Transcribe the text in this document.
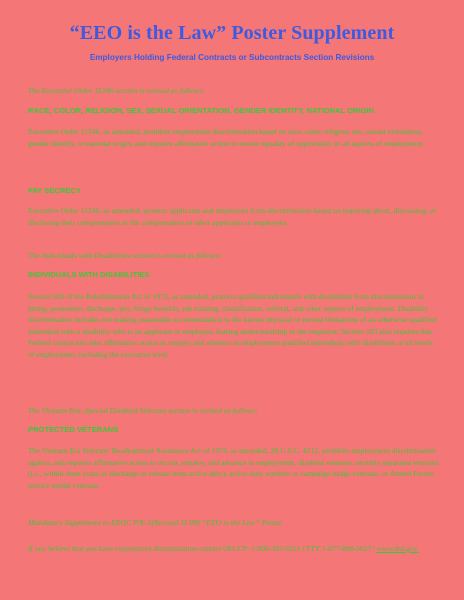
“EEO is the Law” Poster Supplement
Employers Holding Federal Contracts or Subcontracts Section Revisions
The Executive Order 11246 section is revised as follows:
RACE, COLOR, RELIGION, SEX, SEXUAL ORIENTATION, GENDER IDENTITY, NATIONAL ORIGIN
Executive Order 11246, as amended, prohibits employment discrimination based on race, color, religion, sex, sexual orientation, gender identity, or national origin, and requires affirmative action to ensure equality of opportunity in all aspects of employment.
PAY SECRECY
Executive Order 11246, as amended, protects applicants and employees from discrimination based on inquiring about, discussing, or disclosing their compensation or the compensation of other applicants or employees.
The Individuals with Disabilities section is revised as follows:
INDIVIDUALS WITH DISABILITIES
Section 503 of the Rehabilitation Act of 1973, as amended, protects qualified individuals with disabilities from discrimination in hiring, promotion, discharge, pay, fringe benefits, job training, classification, referral, and other aspects of employment. Disability discrimination includes not making reasonable accommodation to the known physical or mental limitations of an otherwise qualified individual with a disability who is an applicant or employee, barring undue hardship to the employer. Section 503 also requires that Federal contractors take affirmative action to employ and advance in employment qualified individuals with disabilities at all levels of employment, including the executive level.
The Vietnam Era, Special Disabled Veterans section is revised as follows:
PROTECTED VETERANS
The Vietnam Era Veterans' Readjustment Assistance Act of 1974, as amended, 38 U.S.C. 4212, prohibits employment discrimination against, and requires affirmative action to recruit, employ, and advance in employment, disabled veterans, recently separated veterans (i.e., within three years of discharge or release from active duty), active duty wartime or campaign badge veterans, or Armed Forces service medal veterans.
Mandatory Supplement to EEOC P/E-1(Revised 11/09) “EEO is the Law” Poster.
If you believe that you have experienced discrimination contact OFCCP: 1-800-397-6251 | TTY 1-877-889-5627 | www.dol.gov.
